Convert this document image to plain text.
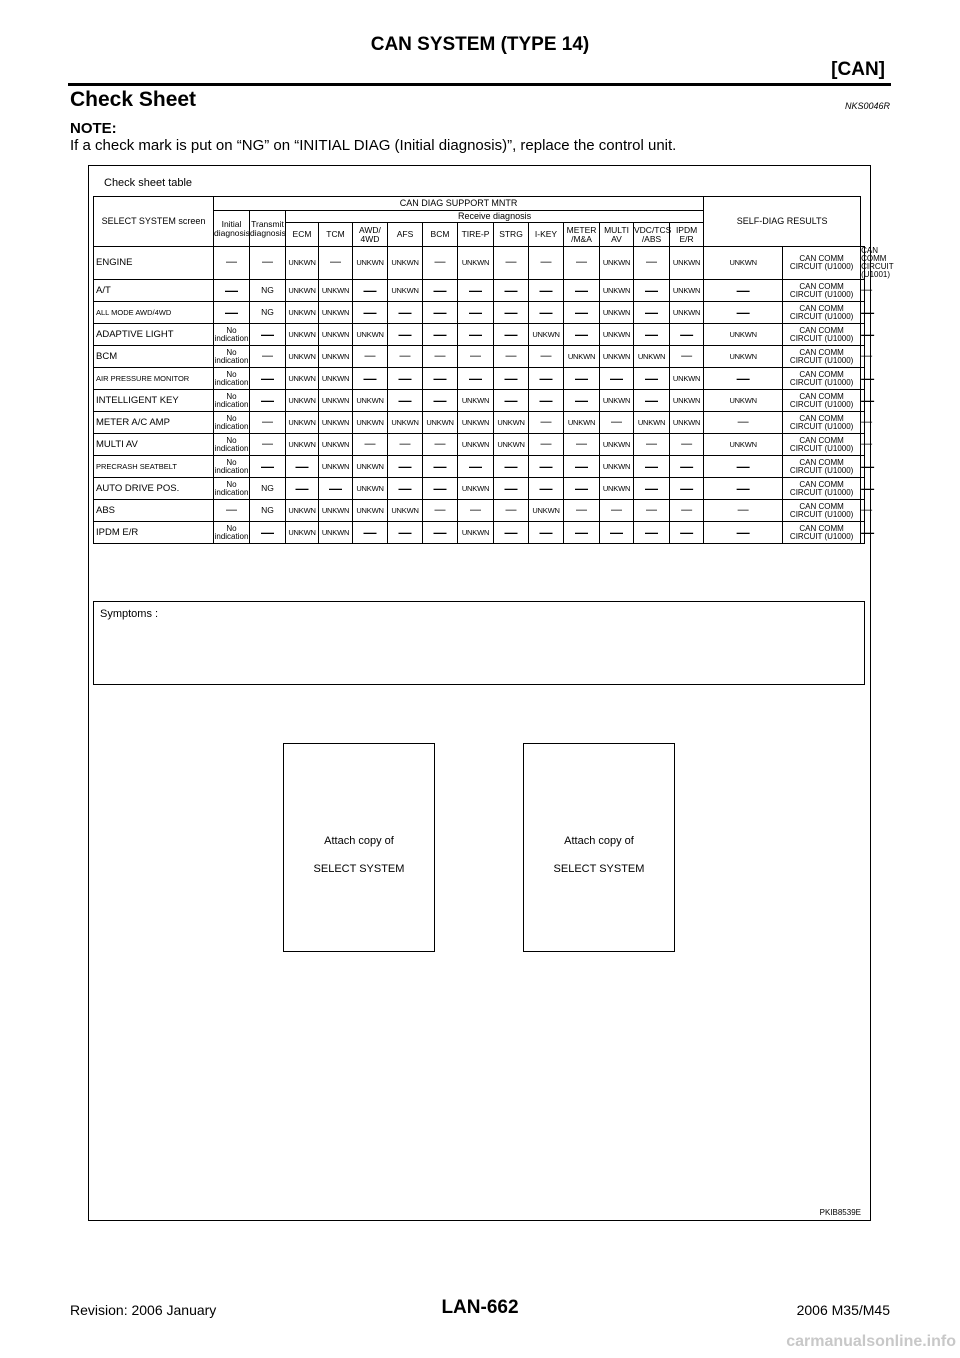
CAN SYSTEM (TYPE 14)
[CAN]
Check Sheet	NKS0046R
NOTE:
If a check mark is put on “NG” on “INITIAL DIAG (Initial diagnosis)”, replace the control unit.
Check sheet table
SELECT SYSTEM screen	CAN DIAG SUPPORT MNTR														SELF-DIAG RESULTS		
	Initial diagnosis	Transmit diagnosis	Receive diagnosis														
			ECM	TCM	AWD/ 4WD	AFS	BCM	TIRE-P	STRG	I-KEY	METER /M&A	MULTI AV	VDC/TCS /ABS	IPDM E/R			
ENGINE	—	—	UNKWN	—	UNKWN	UNKWN	—	UNKWN	—	—	—	UNKWN	—	UNKWN	UNKWN	CAN COMM CIRCUIT (U1000)	CAN COMM CIRCUIT (U1001)
A/T	—	NG	UNKWN	UNKWN	—	UNKWN	—	—	—	—	—	UNKWN	—	UNKWN	—	CAN COMM CIRCUIT (U1000)	—
ALL MODE AWD/4WD	—	NG	UNKWN	UNKWN	—	—	—	—	—	—	—	UNKWN	—	UNKWN	—	CAN COMM CIRCUIT (U1000)	—
ADAPTIVE LIGHT	No indication	—	UNKWN	UNKWN	UNKWN	—	—	—	—	UNKWN	—	UNKWN	—	—	UNKWN	CAN COMM CIRCUIT (U1000)	—
BCM	No indication	—	UNKWN	UNKWN	—	—	—	—	—	—	UNKWN	UNKWN	UNKWN	—	UNKWN	CAN COMM CIRCUIT (U1000)	—
AIR PRESSURE MONITOR	No indication	—	UNKWN	UNKWN	—	—	—	—	—	—	—	—	—	UNKWN	—	CAN COMM CIRCUIT (U1000)	—
INTELLIGENT KEY	No indication	—	UNKWN	UNKWN	UNKWN	—	—	UNKWN	—	—	—	UNKWN	—	UNKWN	UNKWN	CAN COMM CIRCUIT (U1000)	—
METER A/C AMP	No indication	—	UNKWN	UNKWN	UNKWN	UNKWN	UNKWN	UNKWN	UNKWN	—	UNKWN	—	UNKWN	UNKWN	—	CAN COMM CIRCUIT (U1000)	—
MULTI AV	No indication	—	UNKWN	UNKWN	—	—	—	UNKWN	UNKWN	—	—	UNKWN	—	—	UNKWN	CAN COMM CIRCUIT (U1000)	—
PRECRASH SEATBELT	No indication	—	—	UNKWN	UNKWN	—	—	—	—	—	—	UNKWN	—	—	—	CAN COMM CIRCUIT (U1000)	—
AUTO DRIVE POS.	No indication	NG	—	—	UNKWN	—	—	UNKWN	—	—	—	UNKWN	—	—	—	CAN COMM CIRCUIT (U1000)	—
ABS	—	NG	UNKWN	UNKWN	UNKWN	UNKWN	—	—	—	UNKWN	—	—	—	—	—	CAN COMM CIRCUIT (U1000)	—
IPDM E/R	No indication	—	UNKWN	UNKWN	—	—	—	UNKWN	—	—	—	—	—	—	—	CAN COMM CIRCUIT (U1000)	—
Symptoms :
Attach copy of

SELECT SYSTEM
Attach copy of

SELECT SYSTEM
PKIB8539E
Revision: 2006 January	LAN-662	2006 M35/M45
carmanualsonline.info
